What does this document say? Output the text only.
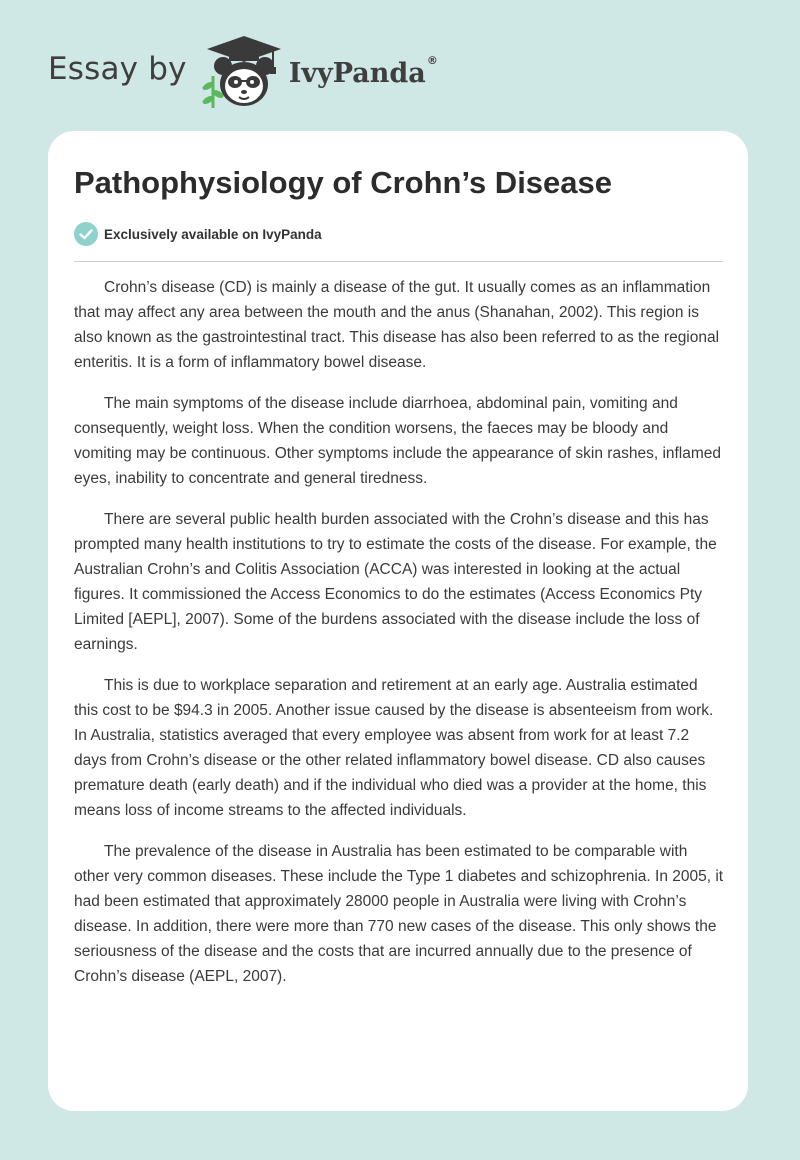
Essay by	IvyPanda®
Pathophysiology of Crohn’s Disease
Exclusively available on IvyPanda

Crohn’s disease (CD) is mainly a disease of the gut. It usually comes as an inflammation that may affect any area between the mouth and the anus (Shanahan, 2002). This region is also known as the gastrointestinal tract. This disease has also been referred to as the regional enteritis. It is a form of inflammatory bowel disease.

The main symptoms of the disease include diarrhoea, abdominal pain, vomiting and consequently, weight loss. When the condition worsens, the faeces may be bloody and vomiting may be continuous. Other symptoms include the appearance of skin rashes, inflamed eyes, inability to concentrate and general tiredness.

There are several public health burden associated with the Crohn’s disease and this has prompted many health institutions to try to estimate the costs of the disease. For example, the Australian Crohn’s and Colitis Association (ACCA) was interested in looking at the actual figures. It commissioned the Access Economics to do the estimates (Access Economics Pty Limited [AEPL], 2007). Some of the burdens associated with the disease include the loss of earnings.

This is due to workplace separation and retirement at an early age. Australia estimated this cost to be $94.3 in 2005. Another issue caused by the disease is absenteeism from work. In Australia, statistics averaged that every employee was absent from work for at least 7.2 days from Crohn’s disease or the other related inflammatory bowel disease. CD also causes premature death (early death) and if the individual who died was a provider at the home, this means loss of income streams to the affected individuals.

The prevalence of the disease in Australia has been estimated to be comparable with other very common diseases. These include the Type 1 diabetes and schizophrenia. In 2005, it had been estimated that approximately 28000 people in Australia were living with Crohn’s disease. In addition, there were more than 770 new cases of the disease. This only shows the seriousness of the disease and the costs that are incurred annually due to the presence of Crohn’s disease (AEPL, 2007).
